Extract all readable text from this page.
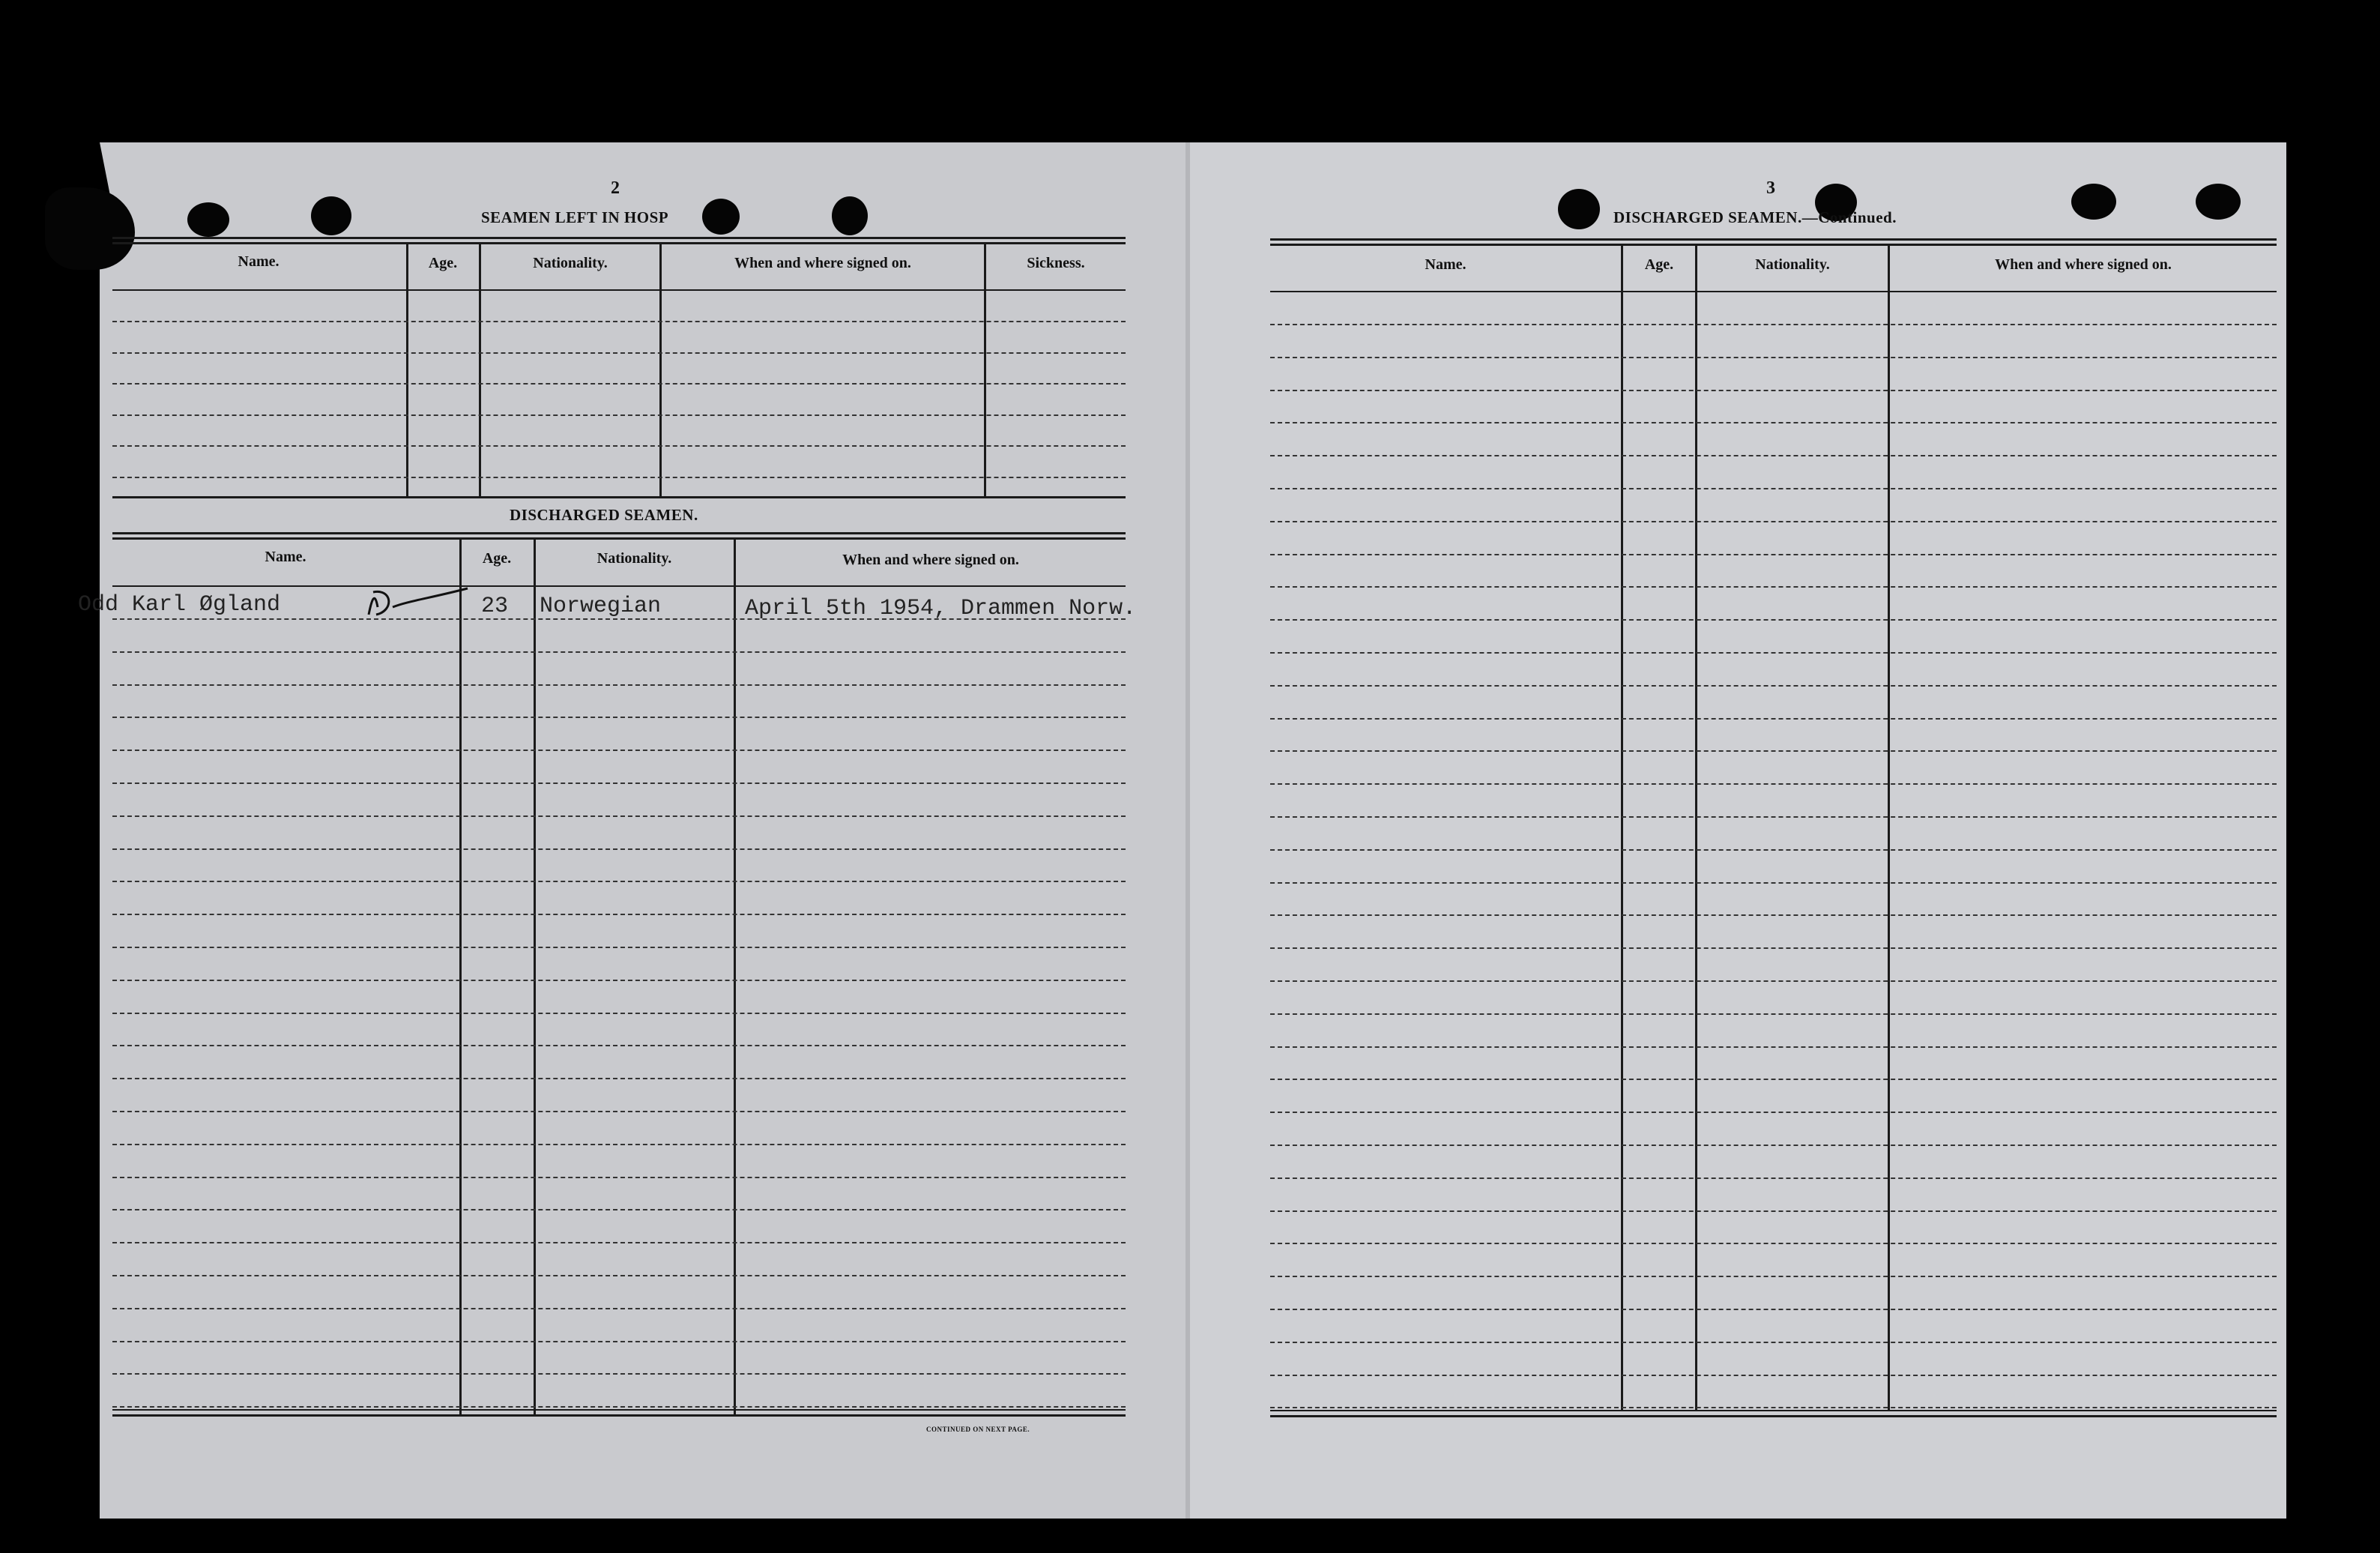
2
SEAMEN LEFT IN HOSP
Name.	Age.	Nationality.	When and where signed on.	Sickness.
DISCHARGED SEAMEN.
Name.	Age.	Nationality.	When and where signed on.
Odd Karl Øgland	23 Norwegian	April 5th 1954, Drammen Norw.
CONTINUED ON NEXT PAGE.
3
DISCHARGED SEAMEN.—Continued.
Name.	Age.	Nationality.	When and where signed on.
